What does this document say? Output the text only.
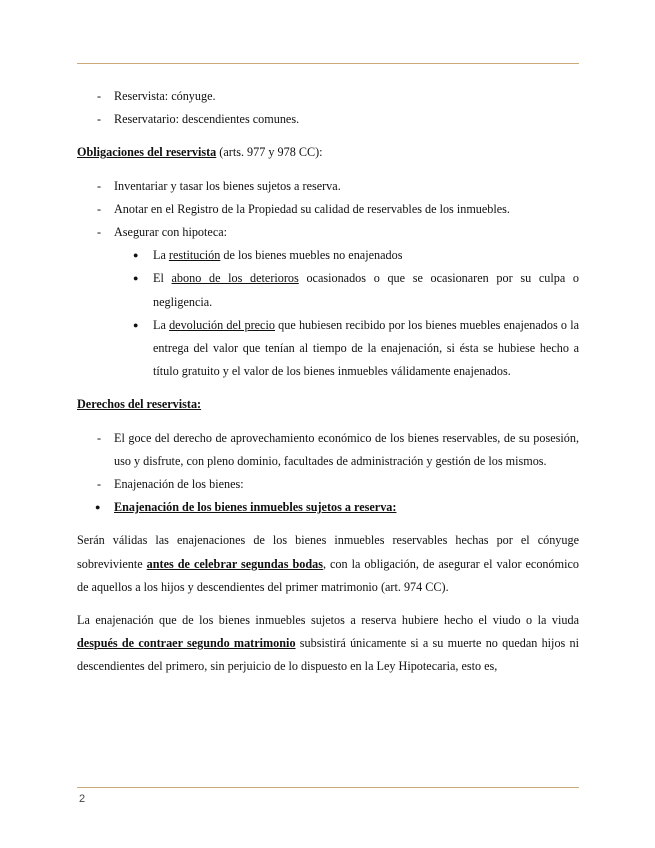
- Reservista: cónyuge.
- Reservatario: descendientes comunes.

Obligaciones del reservista (arts. 977 y 978 CC):

- Inventariar y tasar los bienes sujetos a reserva.
- Anotar en el Registro de la Propiedad su calidad de reservables de los inmuebles.
- Asegurar con hipoteca:
● La restitución de los bienes muebles no enajenados
● El abono de los deterioros ocasionados o que se ocasionaren por su culpa o negligencia.
● La devolución del precio que hubiesen recibido por los bienes muebles enajenados o la entrega del valor que tenían al tiempo de la enajenación, si ésta se hubiese hecho a título gratuito y el valor de los bienes inmuebles válidamente enajenados.

Derechos del reservista:

- El goce del derecho de aprovechamiento económico de los bienes reservables, de su posesión, uso y disfrute, con pleno dominio, facultades de administración y gestión de los mismos.
- Enajenación de los bienes:
● Enajenación de los bienes inmuebles sujetos a reserva:

Serán válidas las enajenaciones de los bienes inmuebles reservables hechas por el cónyuge sobreviviente antes de celebrar segundas bodas, con la obligación, de asegurar el valor económico de aquellos a los hijos y descendientes del primer matrimonio (art. 974 CC).

La enajenación que de los bienes inmuebles sujetos a reserva hubiere hecho el viudo o la viuda después de contraer segundo matrimonio subsistirá únicamente si a su muerte no quedan hijos ni descendientes del primero, sin perjuicio de lo dispuesto en la Ley Hipotecaria, esto es,

2
